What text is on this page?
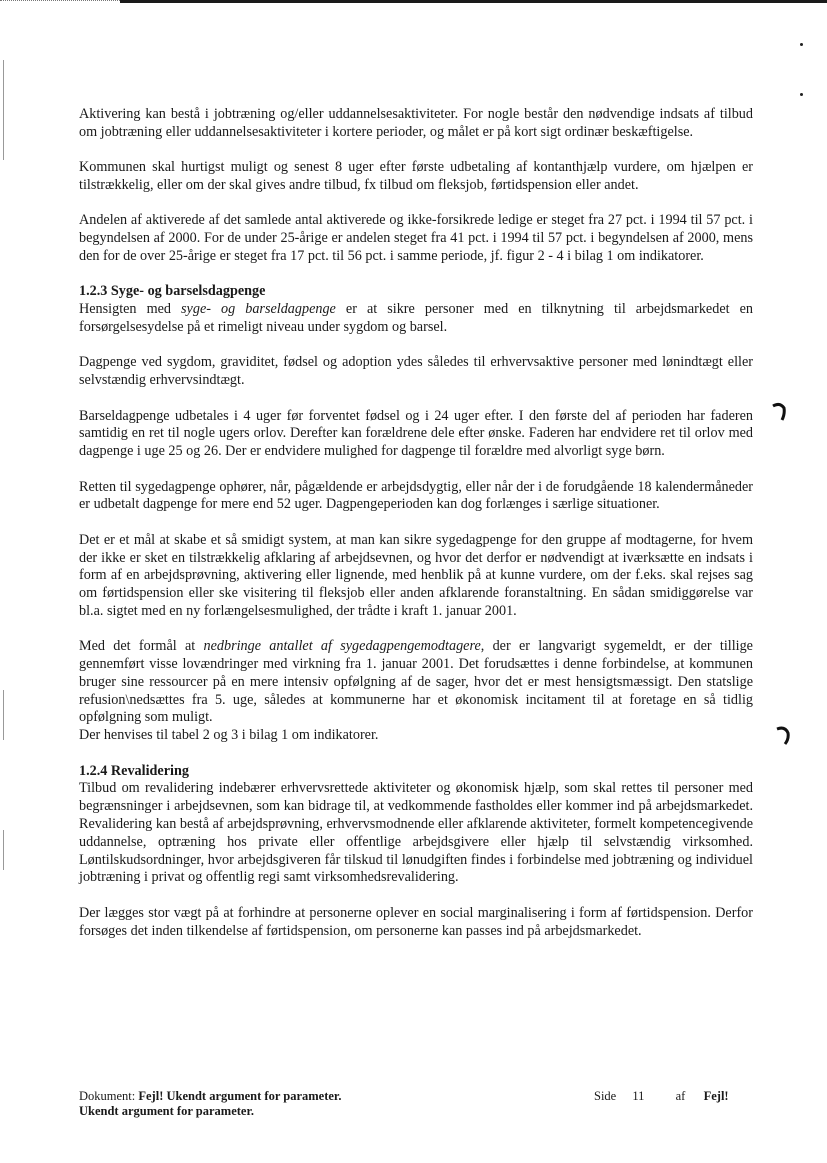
Aktivering kan bestå i jobtræning og/eller uddannelsesaktiviteter. For nogle består den nødvendige indsats af tilbud om jobtræning eller uddannelsesaktiviteter i kortere perioder, og målet er på kort sigt ordinær beskæftigelse.

Kommunen skal hurtigst muligt og senest 8 uger efter første udbetaling af kontanthjælp vurdere, om hjælpen er tilstrækkelig, eller om der skal gives andre tilbud, fx tilbud om fleksjob, førtidspension eller andet.

Andelen af aktiverede af det samlede antal aktiverede og ikke-forsikrede ledige er steget fra 27 pct. i 1994 til 57 pct. i begyndelsen af 2000. For de under 25-årige er andelen steget fra 41 pct. i 1994 til 57 pct. i begyndelsen af 2000, mens den for de over 25-årige er steget fra 17 pct. til 56 pct. i samme periode, jf. figur 2 - 4 i bilag 1 om indikatorer.

1.2.3 Syge- og barselsdagpenge

Hensigten med syge- og barseldagpenge er at sikre personer med en tilknytning til arbejdsmarkedet en forsørgelsesydelse på et rimeligt niveau under sygdom og barsel.

Dagpenge ved sygdom, graviditet, fødsel og adoption ydes således til erhvervsaktive personer med lønindtægt eller selvstændig erhvervsindtægt.

Barseldagpenge udbetales i 4 uger før forventet fødsel og i 24 uger efter. I den første del af perioden har faderen samtidig en ret til nogle ugers orlov. Derefter kan forældrene dele efter ønske. Faderen har endvidere ret til orlov med dagpenge i uge 25 og 26. Der er endvidere mulighed for dagpenge til forældre med alvorligt syge børn.

Retten til sygedagpenge ophører, når, pågældende er arbejdsdygtig, eller når der i de forudgående 18 kalendermåneder er udbetalt dagpenge for mere end 52 uger. Dagpengeperioden kan dog forlænges i særlige situationer.

Det er et mål at skabe et så smidigt system, at man kan sikre sygedagpenge for den gruppe af modtagerne, for hvem der ikke er sket en tilstrækkelig afklaring af arbejdsevnen, og hvor det derfor er nødvendigt at iværksætte en indsats i form af en arbejdsprøvning, aktivering eller lignende, med henblik på at kunne vurdere, om der f.eks. skal rejses sag om førtidspension eller ske visitering til fleksjob eller anden afklarende foranstaltning. En sådan smidiggørelse var bl.a. sigtet med en ny forlængelsesmulighed, der trådte i kraft 1. januar 2001.

Med det formål at nedbringe antallet af sygedagpengemodtagere, der er langvarigt sygemeldt, er der tillige gennemført visse lovændringer med virkning fra 1. januar 2001. Det forudsættes i denne forbindelse, at kommunen bruger sine ressourcer på en mere intensiv opfølgning af de sager, hvor det er mest hensigtsmæssigt. Den statslige refusion\nedsættes fra 5. uge, således at kommunerne har et økonomisk incitament til at foretage en så tidlig opfølgning som muligt.

Der henvises til tabel 2 og 3 i bilag 1 om indikatorer.

1.2.4 Revalidering

Tilbud om revalidering indebærer erhvervsrettede aktiviteter og økonomisk hjælp, som skal rettes til personer med begrænsninger i arbejdsevnen, som kan bidrage til, at vedkommende fastholdes eller kommer ind på arbejdsmarkedet. Revalidering kan bestå af arbejdsprøvning, erhvervsmodnende eller afklarende aktiviteter, formelt kompetencegivende uddannelse, optræning hos private eller offentlige arbejdsgivere eller hjælp til selvstændig virksomhed. Løntilskudsordninger, hvor arbejdsgiveren får tilskud til lønudgiften findes i forbindelse med jobtræning og individuel jobtræning i privat og offentlig regi samt virksomhedsrevalidering.

Der lægges stor vægt på at forhindre at personerne oplever en social marginalisering i form af førtidspension. Derfor forsøges det inden tilkendelse af førtidspension, om personerne kan passes ind på arbejdsmarkedet.

Dokument: Fejl! Ukendt argument for parameter.
Ukendt argument for parameter.
Side 11	af Fejl!
